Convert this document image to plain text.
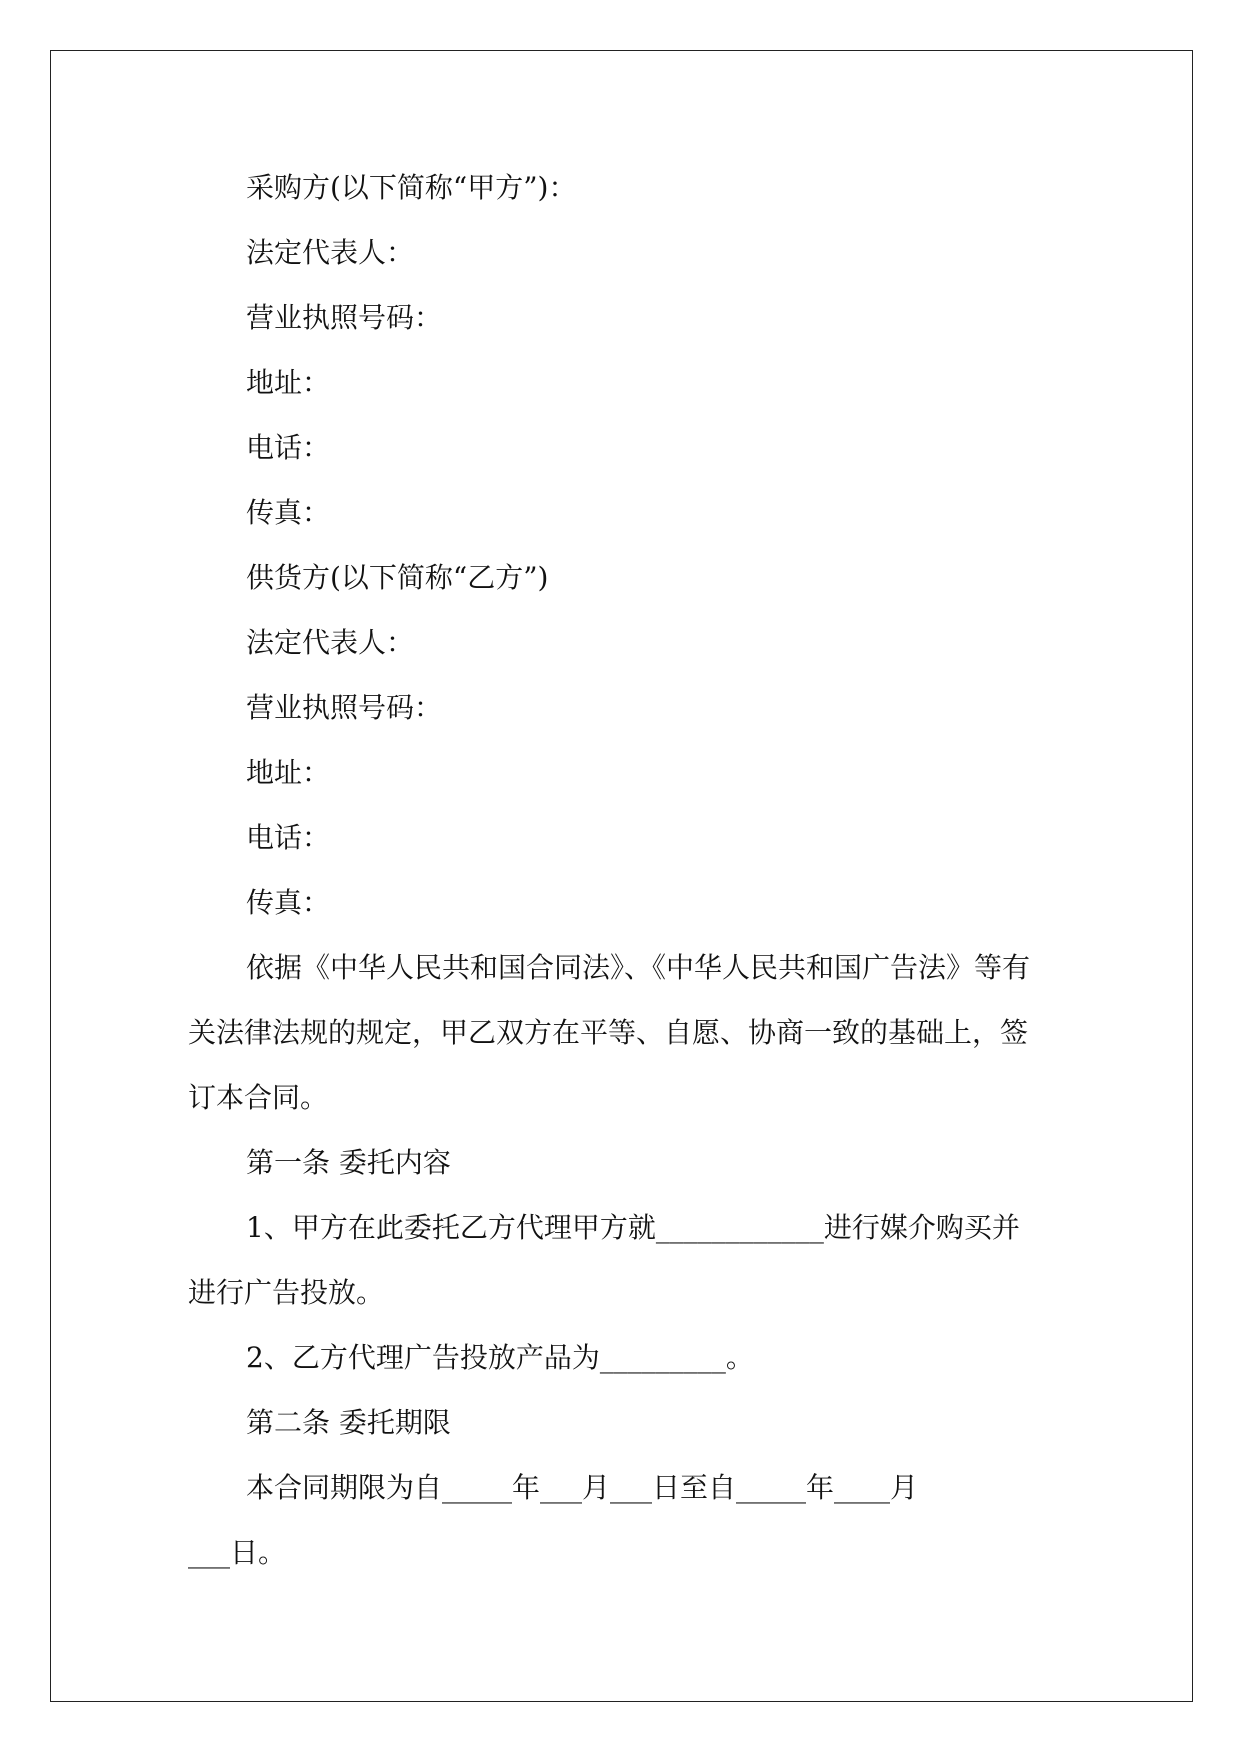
采购方(以下简称“甲方”)：
法定代表人：
营业执照号码：
地址：
电话：
传真：
供货方(以下简称“乙方”)
法定代表人：
营业执照号码：
地址：
电话：
传真：
依据《中华人民共和国合同法》、《中华人民共和国广告法》等有
关法律法规的规定，甲乙双方在平等、自愿、协商一致的基础上，签
订本合同。
第一条 委托内容
1、甲方在此委托乙方代理甲方就____________进行媒介购买并
进行广告投放。
2、乙方代理广告投放产品为_________。
第二条 委托期限
本合同期限为自_____年___月___日至自_____年____月
___日。
